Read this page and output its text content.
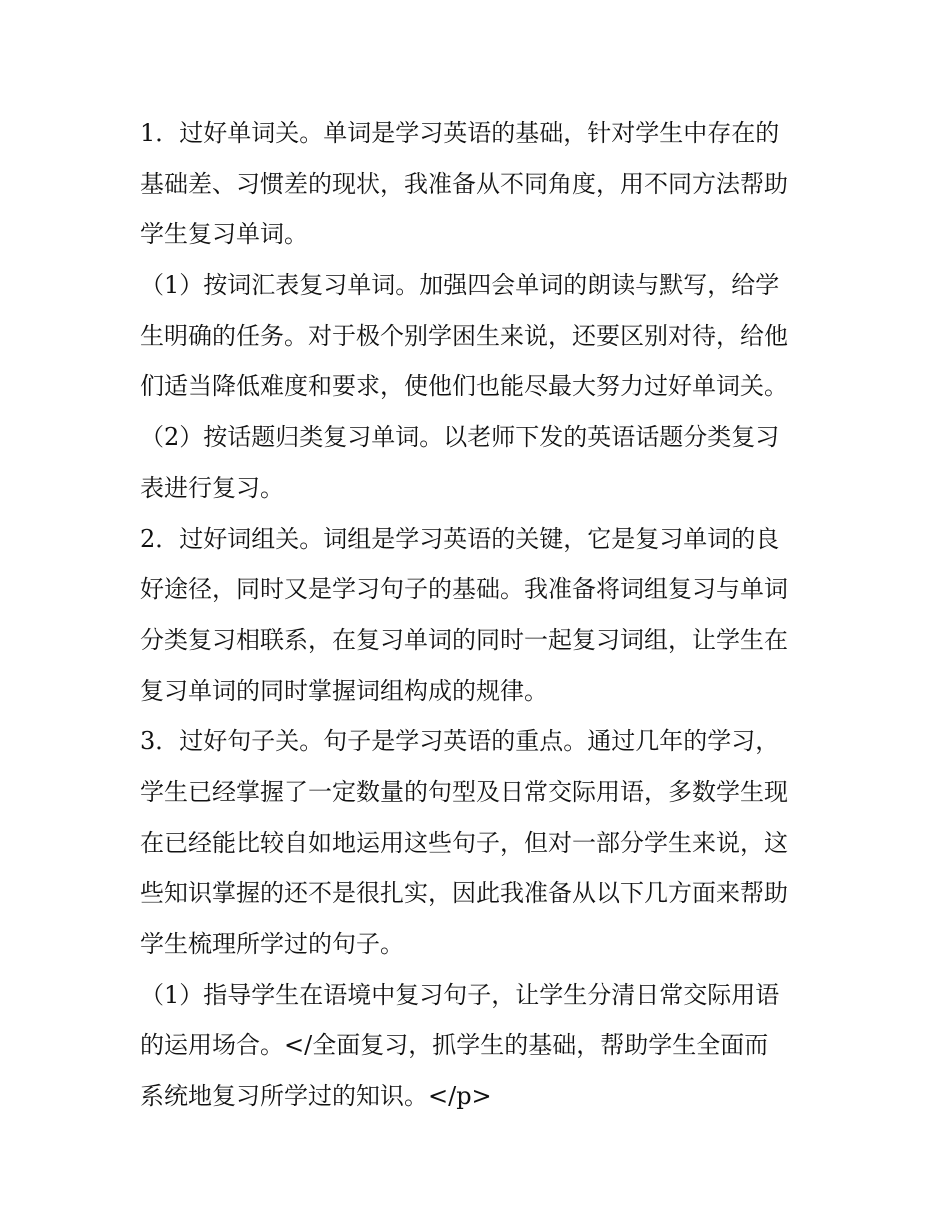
1．过好单词关。单词是学习英语的基础，针对学生中存在的
基础差、习惯差的现状，我准备从不同角度，用不同方法帮助
学生复习单词。
（1）按词汇表复习单词。加强四会单词的朗读与默写，给学
生明确的任务。对于极个别学困生来说，还要区别对待，给他
们适当降低难度和要求，使他们也能尽最大努力过好单词关。
（2）按话题归类复习单词。以老师下发的英语话题分类复习
表进行复习。
2．过好词组关。词组是学习英语的关键，它是复习单词的良
好途径，同时又是学习句子的基础。我准备将词组复习与单词
分类复习相联系，在复习单词的同时一起复习词组，让学生在
复习单词的同时掌握词组构成的规律。
3．过好句子关。句子是学习英语的重点。通过几年的学习，
学生已经掌握了一定数量的句型及日常交际用语，多数学生现
在已经能比较自如地运用这些句子，但对一部分学生来说，这
些知识掌握的还不是很扎实，因此我准备从以下几方面来帮助
学生梳理所学过的句子。
（1）指导学生在语境中复习句子，让学生分清日常交际用语
的运用场合。</全面复习，抓学生的基础，帮助学生全面而
系统地复习所学过的知识。</p>
